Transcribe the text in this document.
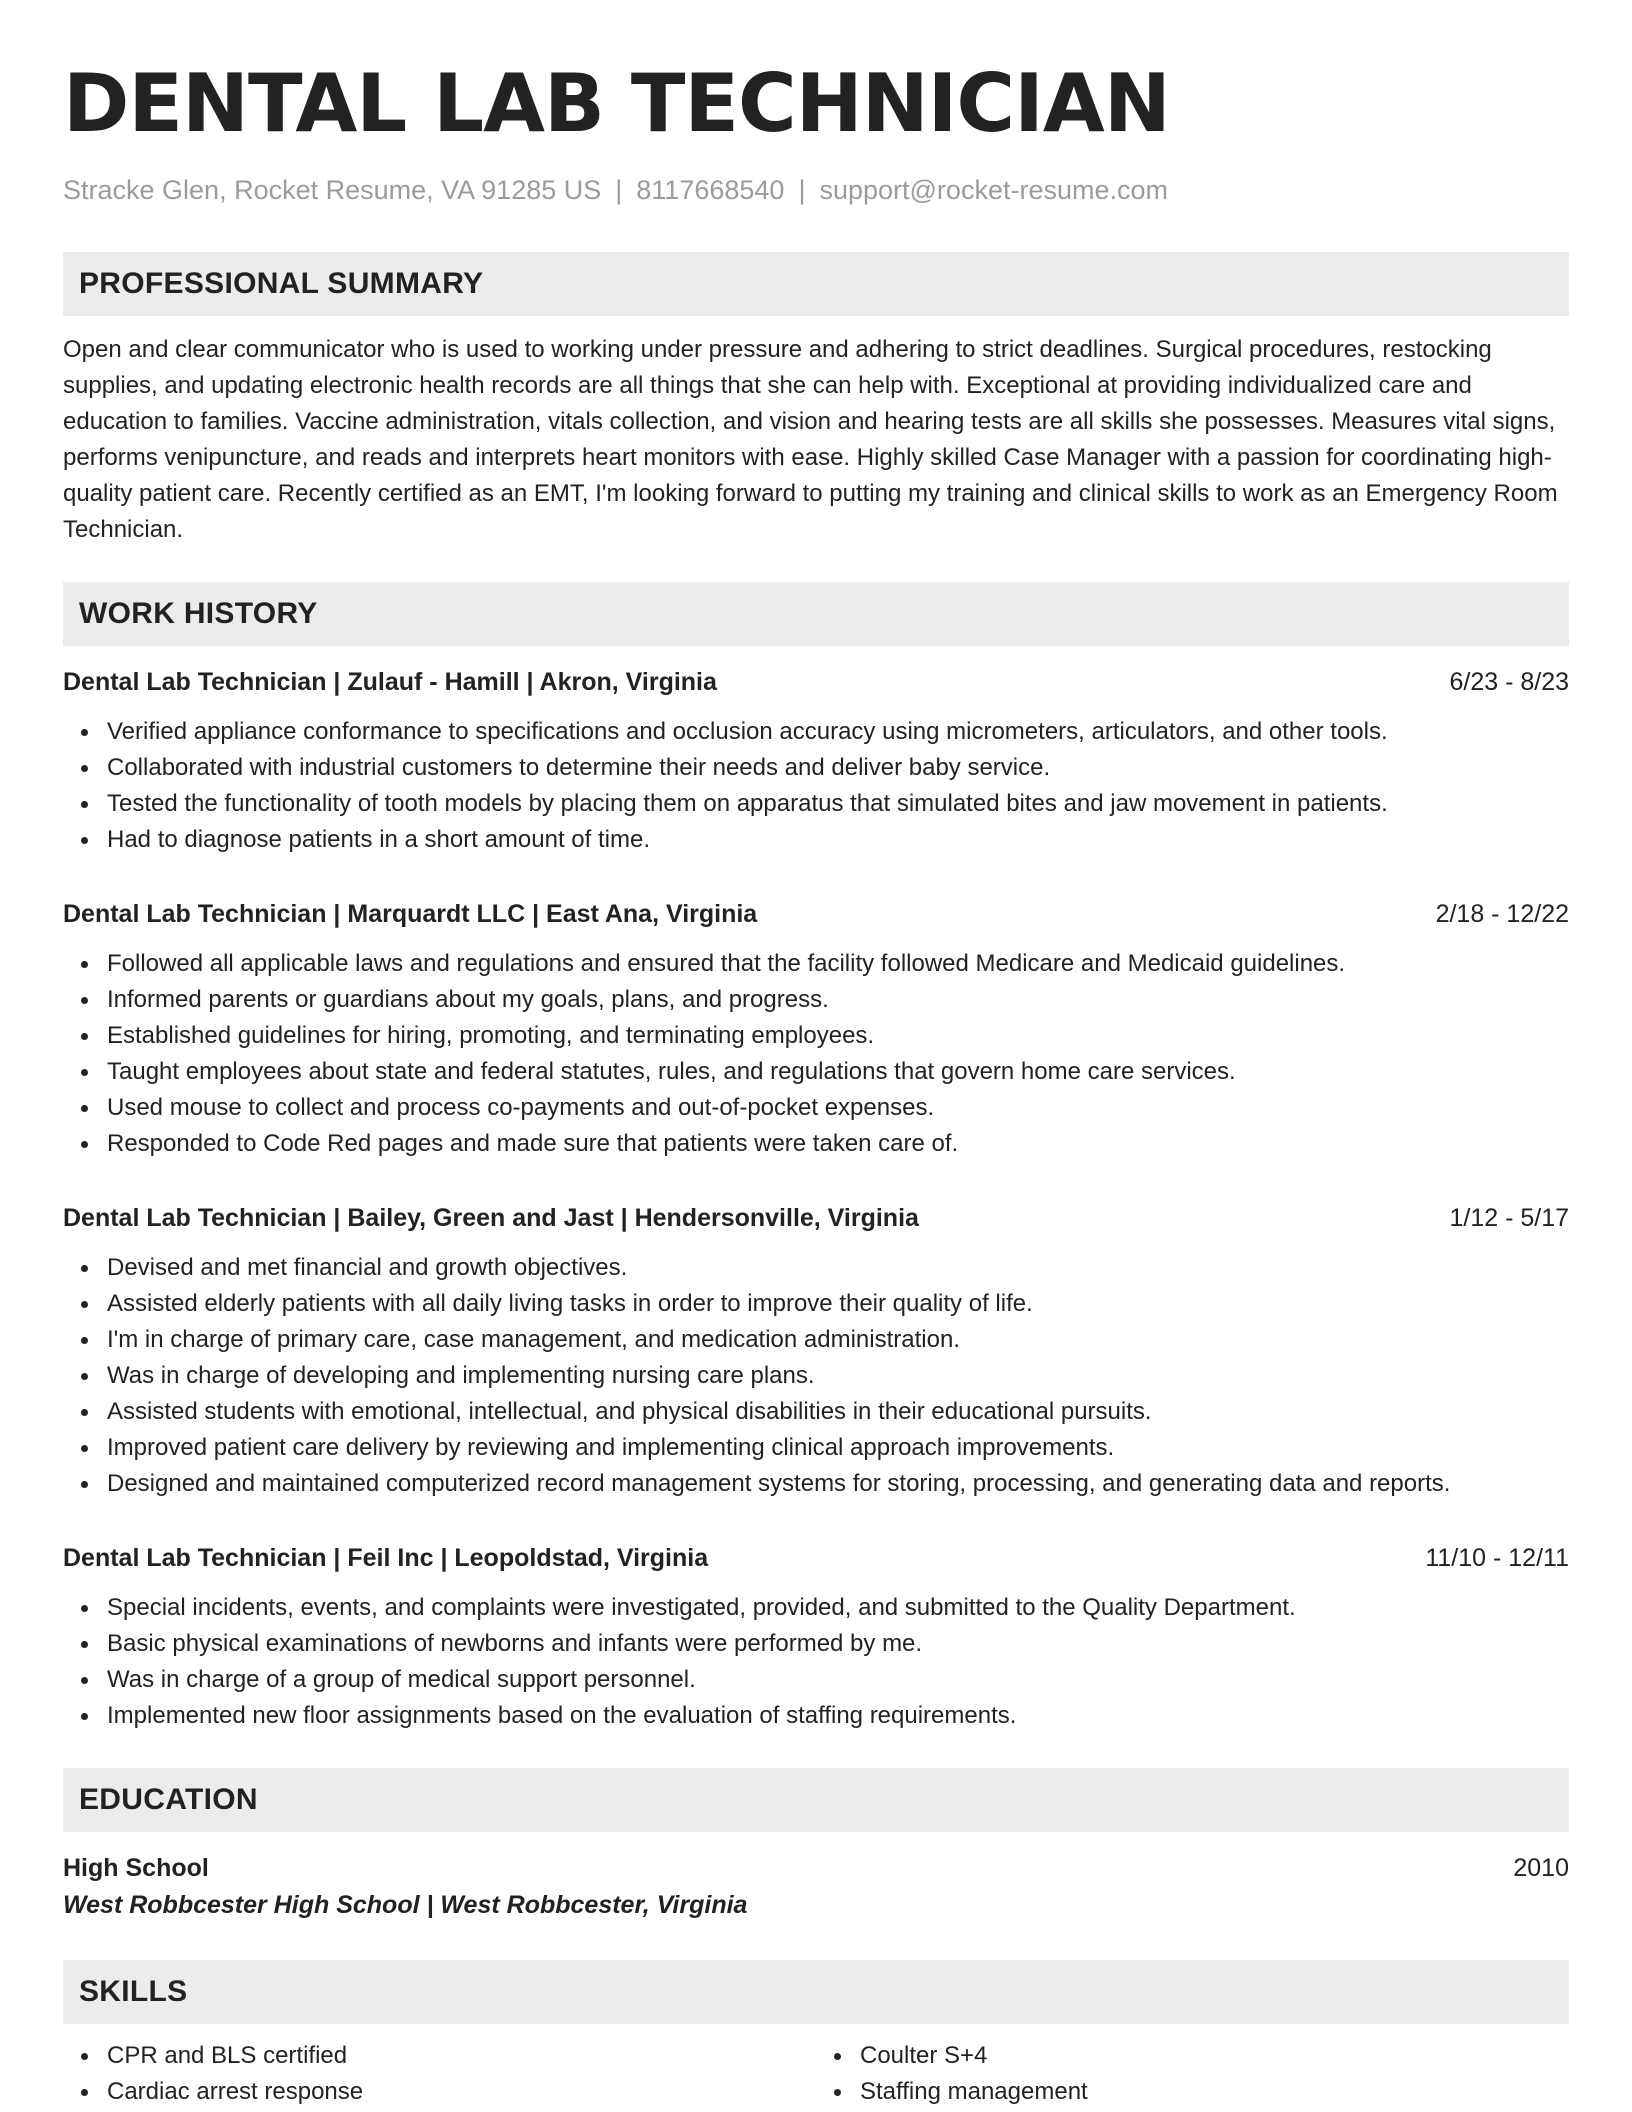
DENTAL LAB TECHNICIAN
Stracke Glen, Rocket Resume, VA 91285 US | 8117668540 | support@rocket-resume.com
PROFESSIONAL SUMMARY
Open and clear communicator who is used to working under pressure and adhering to strict deadlines. Surgical procedures, restocking supplies, and updating electronic health records are all things that she can help with. Exceptional at providing individualized care and education to families. Vaccine administration, vitals collection, and vision and hearing tests are all skills she possesses. Measures vital signs, performs venipuncture, and reads and interprets heart monitors with ease. Highly skilled Case Manager with a passion for coordinating high-quality patient care. Recently certified as an EMT, I'm looking forward to putting my training and clinical skills to work as an Emergency Room Technician.
WORK HISTORY
Dental Lab Technician | Zulauf - Hamill | Akron, Virginia	6/23 - 8/23
Verified appliance conformance to specifications and occlusion accuracy using micrometers, articulators, and other tools.
Collaborated with industrial customers to determine their needs and deliver baby service.
Tested the functionality of tooth models by placing them on apparatus that simulated bites and jaw movement in patients.
Had to diagnose patients in a short amount of time.
Dental Lab Technician | Marquardt LLC | East Ana, Virginia	2/18 - 12/22
Followed all applicable laws and regulations and ensured that the facility followed Medicare and Medicaid guidelines.
Informed parents or guardians about my goals, plans, and progress.
Established guidelines for hiring, promoting, and terminating employees.
Taught employees about state and federal statutes, rules, and regulations that govern home care services.
Used mouse to collect and process co-payments and out-of-pocket expenses.
Responded to Code Red pages and made sure that patients were taken care of.
Dental Lab Technician | Bailey, Green and Jast | Hendersonville, Virginia	1/12 - 5/17
Devised and met financial and growth objectives.
Assisted elderly patients with all daily living tasks in order to improve their quality of life.
I'm in charge of primary care, case management, and medication administration.
Was in charge of developing and implementing nursing care plans.
Assisted students with emotional, intellectual, and physical disabilities in their educational pursuits.
Improved patient care delivery by reviewing and implementing clinical approach improvements.
Designed and maintained computerized record management systems for storing, processing, and generating data and reports.
Dental Lab Technician | Feil Inc | Leopoldstad, Virginia	11/10 - 12/11
Special incidents, events, and complaints were investigated, provided, and submitted to the Quality Department.
Basic physical examinations of newborns and infants were performed by me.
Was in charge of a group of medical support personnel.
Implemented new floor assignments based on the evaluation of staffing requirements.
EDUCATION
High School	2010
West Robbcester High School | West Robbcester, Virginia
SKILLS
CPR and BLS certified
Cardiac arrest response
Coulter S+4
Staffing management
